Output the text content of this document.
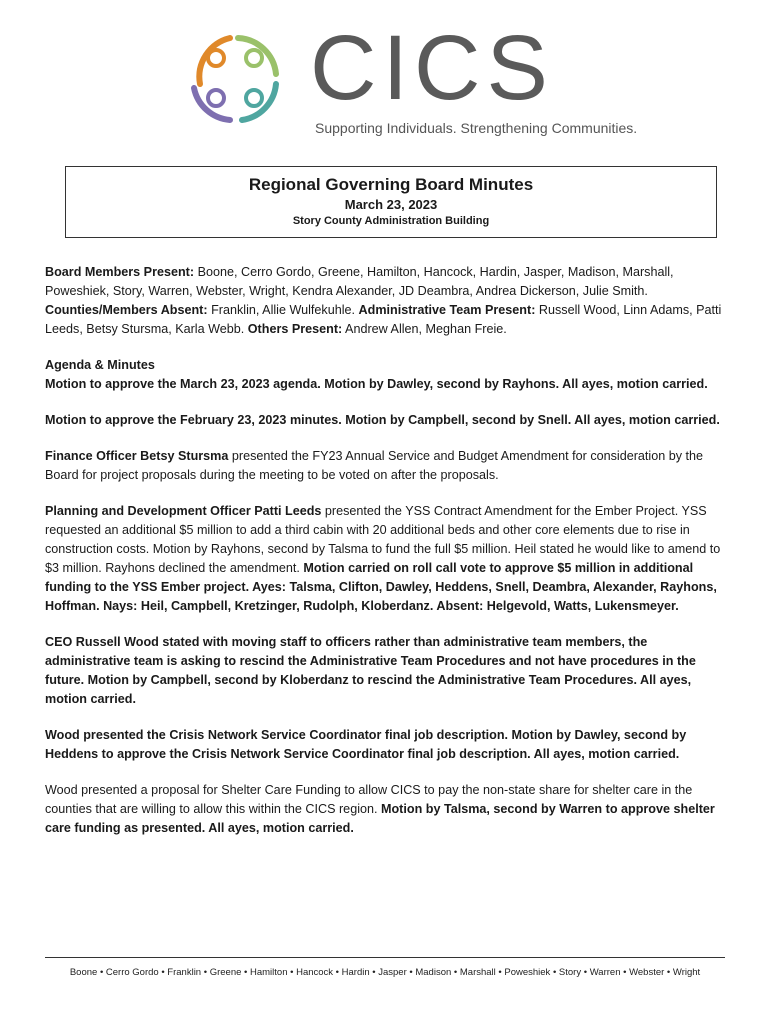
CICS
Supporting Individuals. Strengthening Communities.
Regional Governing Board Minutes
March 23, 2023
Story County Administration Building

Board Members Present: Boone, Cerro Gordo, Greene, Hamilton, Hancock, Hardin, Jasper, Madison, Marshall, Poweshiek, Story, Warren, Webster, Wright, Kendra Alexander, JD Deambra, Andrea Dickerson, Julie Smith. Counties/Members Absent: Franklin, Allie Wulfekuhle. Administrative Team Present: Russell Wood, Linn Adams, Patti Leeds, Betsy Stursma, Karla Webb. Others Present: Andrew Allen, Meghan Freie.

Agenda & Minutes

Motion to approve the March 23, 2023 agenda. Motion by Dawley, second by Rayhons. All ayes, motion carried.

Motion to approve the February 23, 2023 minutes. Motion by Campbell, second by Snell. All ayes, motion carried.

Finance Officer Betsy Stursma presented the FY23 Annual Service and Budget Amendment for consideration by the Board for project proposals during the meeting to be voted on after the proposals.

Planning and Development Officer Patti Leeds presented the YSS Contract Amendment for the Ember Project. YSS requested an additional $5 million to add a third cabin with 20 additional beds and other core elements due to rise in construction costs. Motion by Rayhons, second by Talsma to fund the full $5 million. Heil stated he would like to amend to $3 million. Rayhons declined the amendment. Motion carried on roll call vote to approve $5 million in additional funding to the YSS Ember project. Ayes: Talsma, Clifton, Dawley, Heddens, Snell, Deambra, Alexander, Rayhons, Hoffman. Nays: Heil, Campbell, Kretzinger, Rudolph, Kloberdanz. Absent: Helgevold, Watts, Lukensmeyer.

CEO Russell Wood stated with moving staff to officers rather than administrative team members, the administrative team is asking to rescind the Administrative Team Procedures and not have procedures in the future. Motion by Campbell, second by Kloberdanz to rescind the Administrative Team Procedures. All ayes, motion carried.

Wood presented the Crisis Network Service Coordinator final job description. Motion by Dawley, second by Heddens to approve the Crisis Network Service Coordinator final job description. All ayes, motion carried.

Wood presented a proposal for Shelter Care Funding to allow CICS to pay the non-state share for shelter care in the counties that are willing to allow this within the CICS region. Motion by Talsma, second by Warren to approve shelter care funding as presented. All ayes, motion carried.

Boone • Cerro Gordo • Franklin • Greene • Hamilton • Hancock • Hardin • Jasper • Madison • Marshall • Poweshiek • Story • Warren • Webster • Wright
